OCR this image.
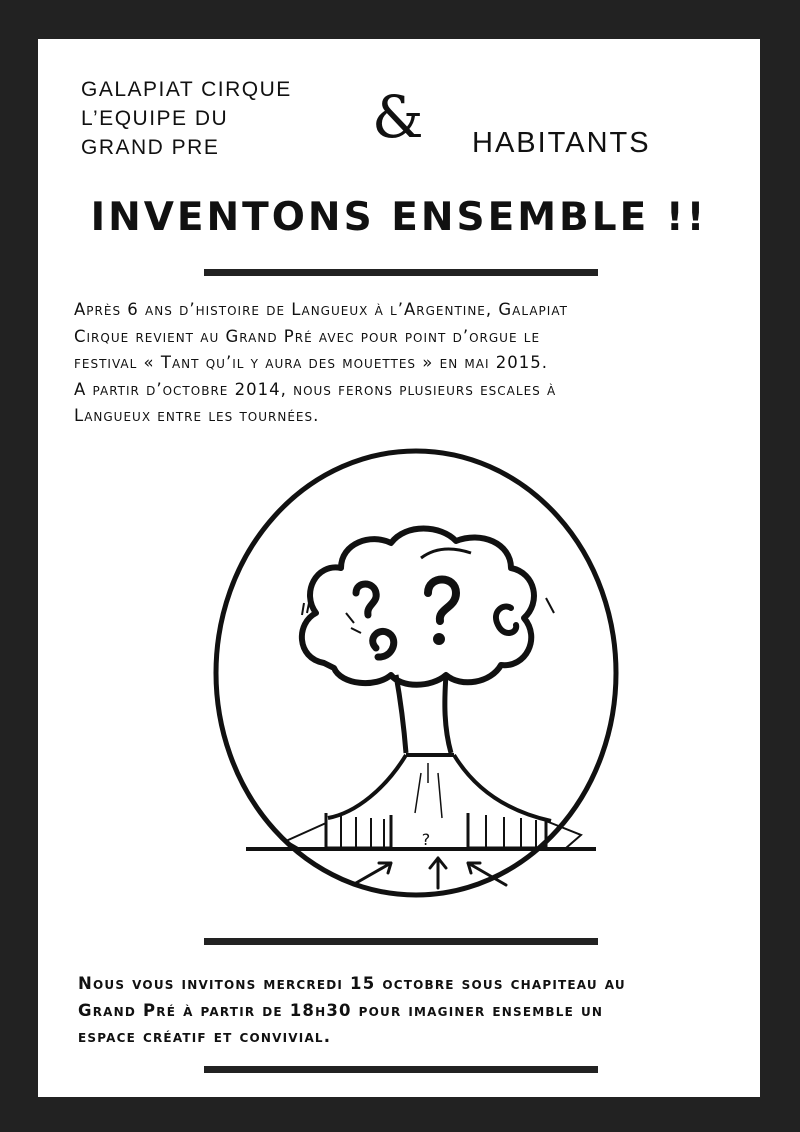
GALAPIAT CIRQUE
L’EQUIPE DU
GRAND PRE	& HABITANTS
INVENTONS ENSEMBLE !!

Après 6 ans d’histoire de Langueux à l’Argentine, Galapiat

Cirque revient au Grand Pré avec pour point d’orgue le

festival « Tant qu’il y aura des mouettes » en mai 2015.

A partir d’octobre 2014, nous ferons plusieurs escales à

Langueux entre les tournées.

?

Nous vous invitons mercredi 15 octobre sous chapiteau au

Grand Pré à partir de 18h30 pour imaginer ensemble un

espace créatif et convivial.
